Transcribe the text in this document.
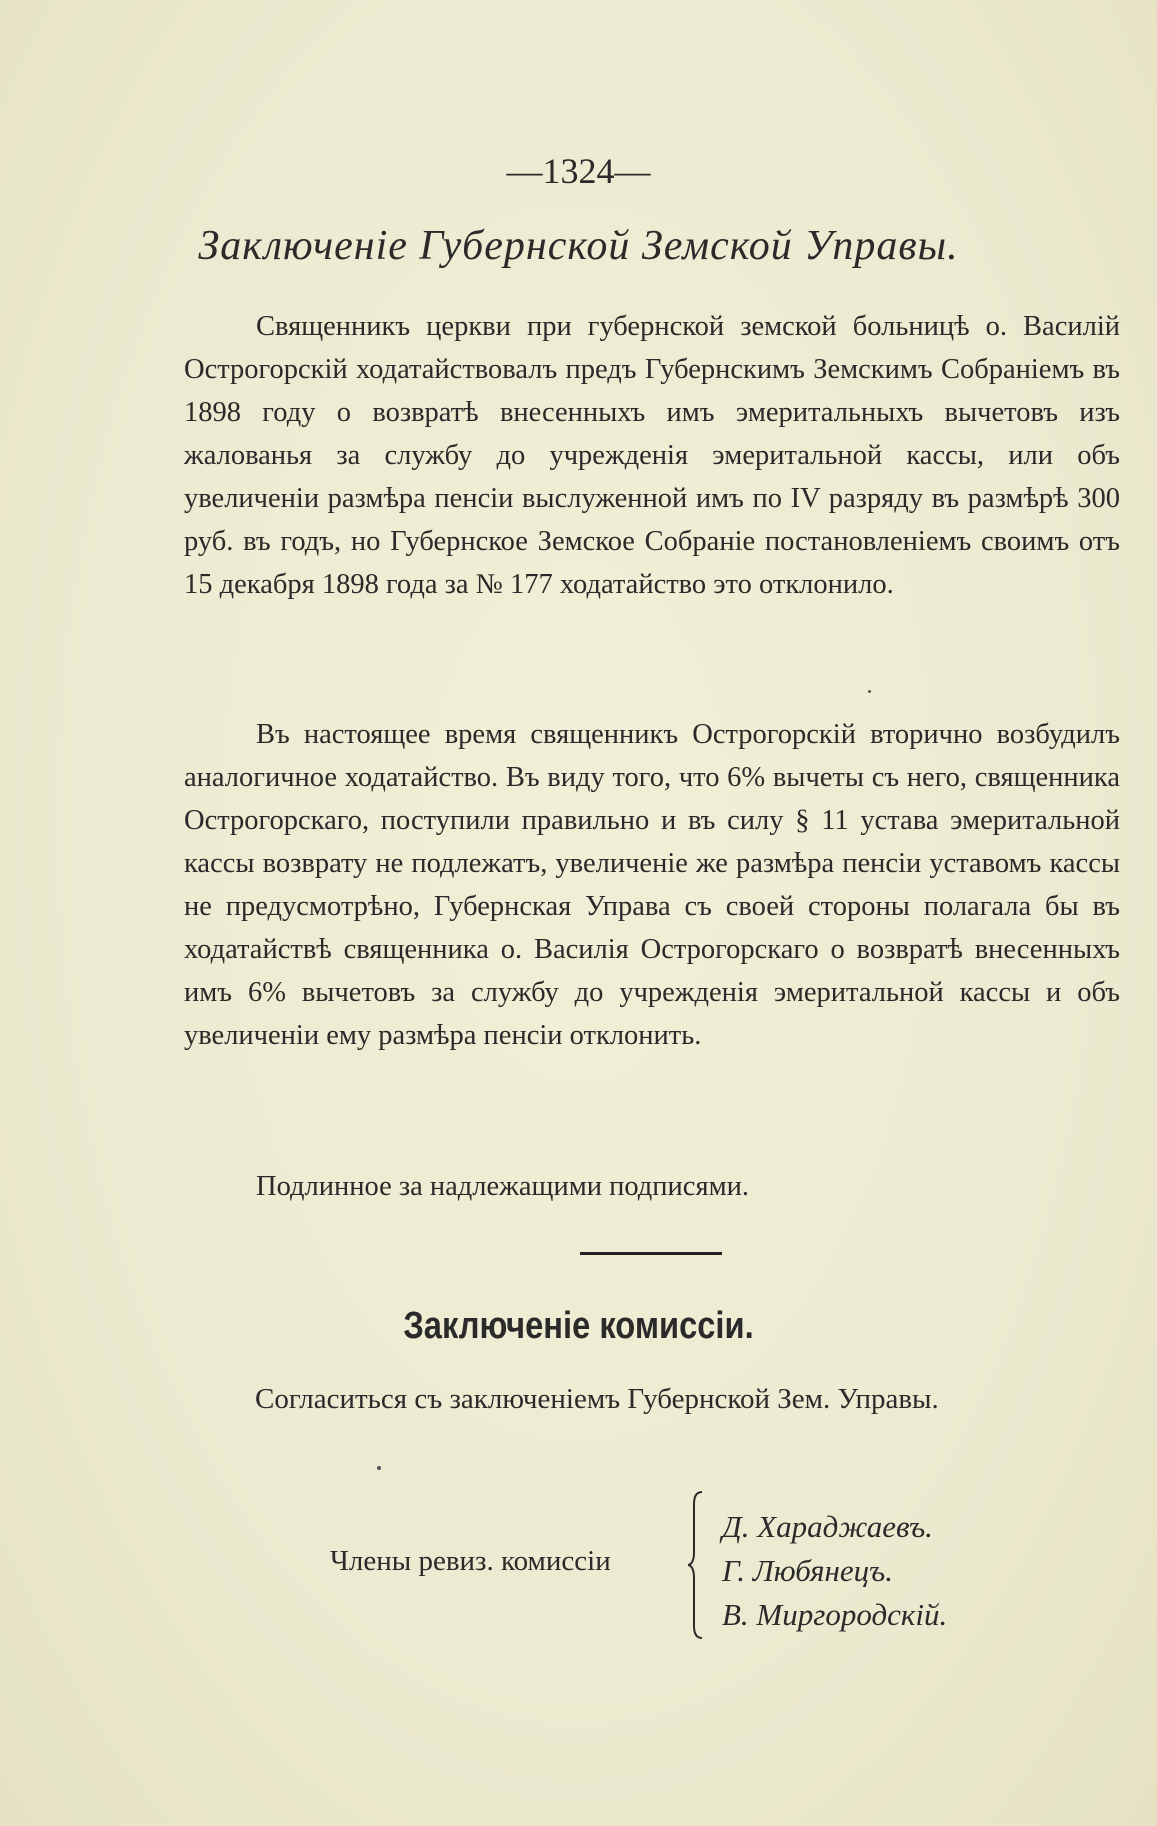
—1324—
Заключеніе Губернской Земской Управы.

Священникъ церкви при губернской земской больницѣ о. Василій Острогорскій ходатайствовалъ предъ Губернскимъ Земскимъ Собраніемъ въ 1898 году о возвратѣ внесенныхъ имъ эмеритальныхъ вычетовъ изъ жалованья за службу до учрежденія эмеритальной кассы, или объ увеличеніи размѣра пенсіи выслуженной имъ по IV разряду въ размѣрѣ 300 руб. въ годъ, но Губернское Земское Собраніе постановленіемъ своимъ отъ 15 декабря 1898 года за № 177 ходатайство это отклонило.

Въ настоящее время священникъ Острогорскій вторично возбудилъ аналогичное ходатайство. Въ виду того, что 6% вычеты съ него, священника Острогорскаго, поступили правильно и въ силу § 11 устава эмеритальной кассы возврату не подлежатъ, увеличеніе же размѣра пенсіи уставомъ кассы не предусмотрѣно, Губернская Управа съ своей стороны полагала бы въ ходатайствѣ священника о. Василія Острогорскаго о возвратѣ внесенныхъ имъ 6% вычетовъ за службу до учрежденія эмеритальной кассы и объ увеличеніи ему размѣра пенсіи отклонить.

Подлинное за надлежащими подписями.

Заключеніе комиссіи.
Согласиться съ заключеніемъ Губернской Зем. Управы.
Члены ревиз. комиссіи
Д. Хараджаевъ.
Г. Любянецъ.
В. Миргородскій.
